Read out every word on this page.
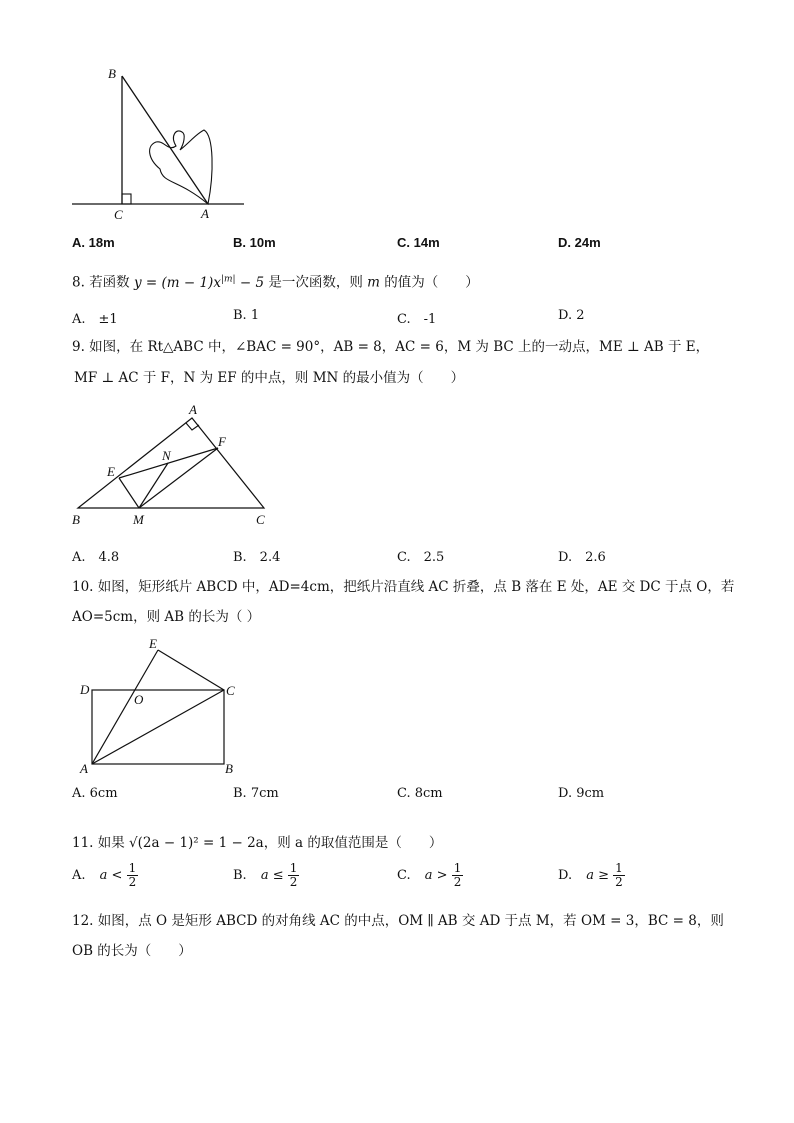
B
C	A
A. 18m	B. 10m	C. 14m	D. 24m
8. 若函数 $y = (m - 1)x^{|m|} - 5$ 是一次函数，则 m 的值为（　　）
A.　±1	B. 1	C.　-1	D. 2
9. 如图，在 Rt△ABC 中，∠BAC = 90°，AB = 8，AC = 6，M 为 BC 上的一动点，ME ⊥ AB 于 E，
MF ⊥ AC 于 F，N 为 EF 的中点，则 MN 的最小值为（　　）
A
F
N
E
B	M	C
A.　4.8	B.　2.4	C.　2.5	D.　2.6
10. 如图，矩形纸片 ABCD 中，AD=4cm，把纸片沿直线 AC 折叠，点 B 落在 E 处，AE 交 DC 于点 O，若
AO=5cm，则 AB 的长为（ ）
E
D
O
C
A	B
A. 6cm	B. 7cm	C. 8cm	D. 9cm
11. 如果 √(2a − 1)² = 1 − 2a，则 a 的取值范围是（　　）
A. $a < \frac{1}{2}$	B. $a \le \frac{1}{2}$	C. $a > \frac{1}{2}$	D. $a \ge \frac{1}{2}$
12. 如图，点 O 是矩形 ABCD 的对角线 AC 的中点，OM ∥ AB 交 AD 于点 M，若 OM = 3，BC = 8，则
OB 的长为（　　）
